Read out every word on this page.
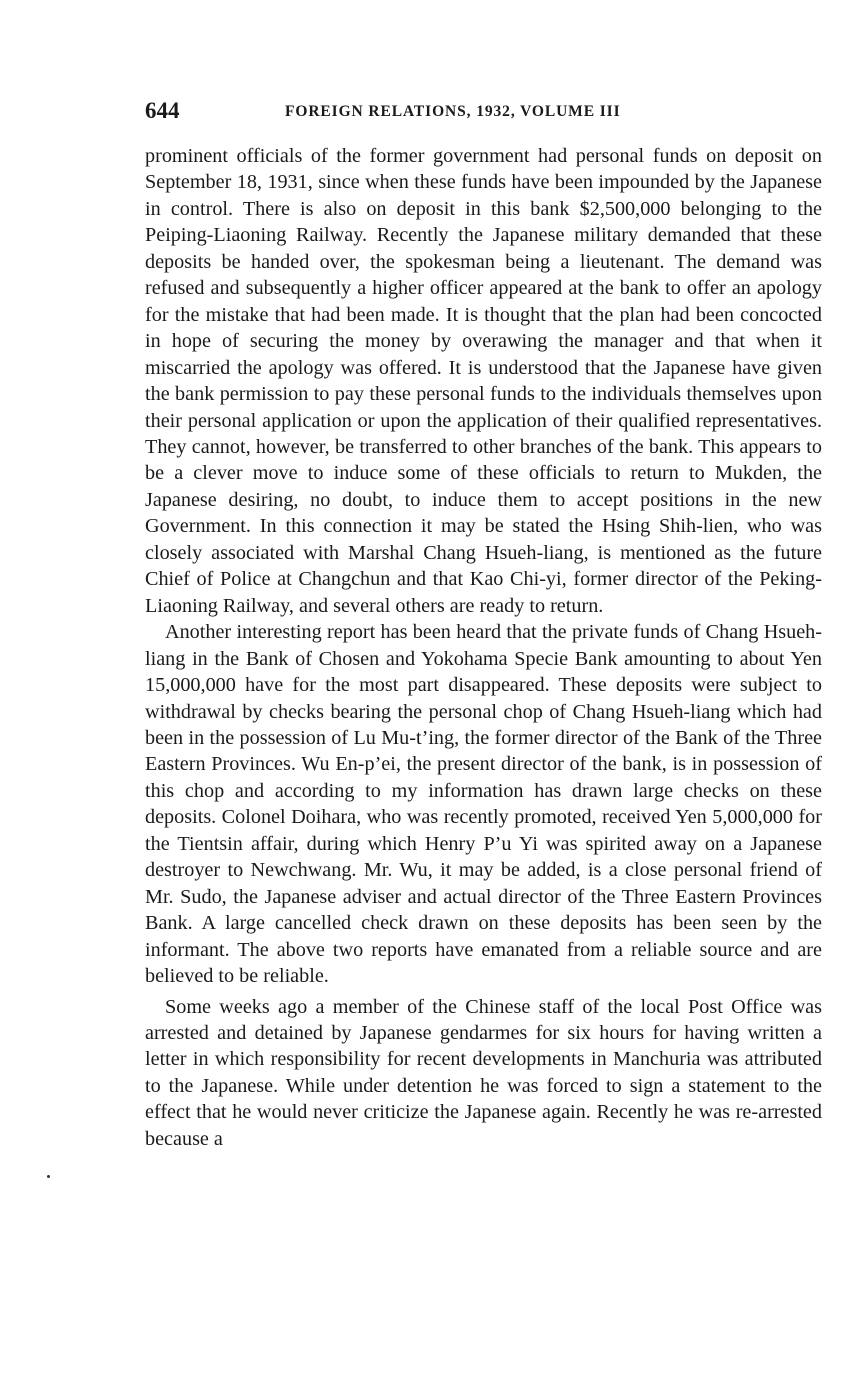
644	FOREIGN RELATIONS, 1932, VOLUME III

prominent officials of the former government had personal funds on deposit on September 18, 1931, since when these funds have been impounded by the Japanese in control. There is also on deposit in this bank $2,500,000 belonging to the Peiping-Liaoning Railway. Recently the Japanese military demanded that these deposits be handed over, the spokesman being a lieutenant. The demand was refused and subsequently a higher officer appeared at the bank to offer an apology for the mistake that had been made. It is thought that the plan had been concocted in hope of securing the money by overawing the manager and that when it miscarried the apology was offered. It is understood that the Japanese have given the bank permission to pay these personal funds to the individuals themselves upon their personal application or upon the application of their qualified representatives. They cannot, however, be transferred to other branches of the bank. This appears to be a clever move to induce some of these officials to return to Mukden, the Japanese desiring, no doubt, to induce them to accept positions in the new Government. In this connection it may be stated the Hsing Shih-lien, who was closely associated with Marshal Chang Hsueh-liang, is mentioned as the future Chief of Police at Changchun and that Kao Chi-yi, former director of the Peking-Liaoning Railway, and several others are ready to return.

Another interesting report has been heard that the private funds of Chang Hsueh-liang in the Bank of Chosen and Yokohama Specie Bank amounting to about Yen 15,000,000 have for the most part disappeared. These deposits were subject to withdrawal by checks bearing the personal chop of Chang Hsueh-liang which had been in the possession of Lu Mu-t’ing, the former director of the Bank of the Three Eastern Provinces. Wu En-p’ei, the present director of the bank, is in possession of this chop and according to my information has drawn large checks on these deposits. Colonel Doihara, who was recently promoted, received Yen 5,000,000 for the Tientsin affair, during which Henry P’u Yi was spirited away on a Japanese destroyer to Newchwang. Mr. Wu, it may be added, is a close personal friend of Mr. Sudo, the Japanese adviser and actual director of the Three Eastern Provinces Bank. A large cancelled check drawn on these deposits has been seen by the informant. The above two reports have emanated from a reliable source and are believed to be reliable.

Some weeks ago a member of the Chinese staff of the local Post Office was arrested and detained by Japanese gendarmes for six hours for having written a letter in which responsibility for recent developments in Manchuria was attributed to the Japanese. While under detention he was forced to sign a statement to the effect that he would never criticize the Japanese again. Recently he was re-arrested because a
